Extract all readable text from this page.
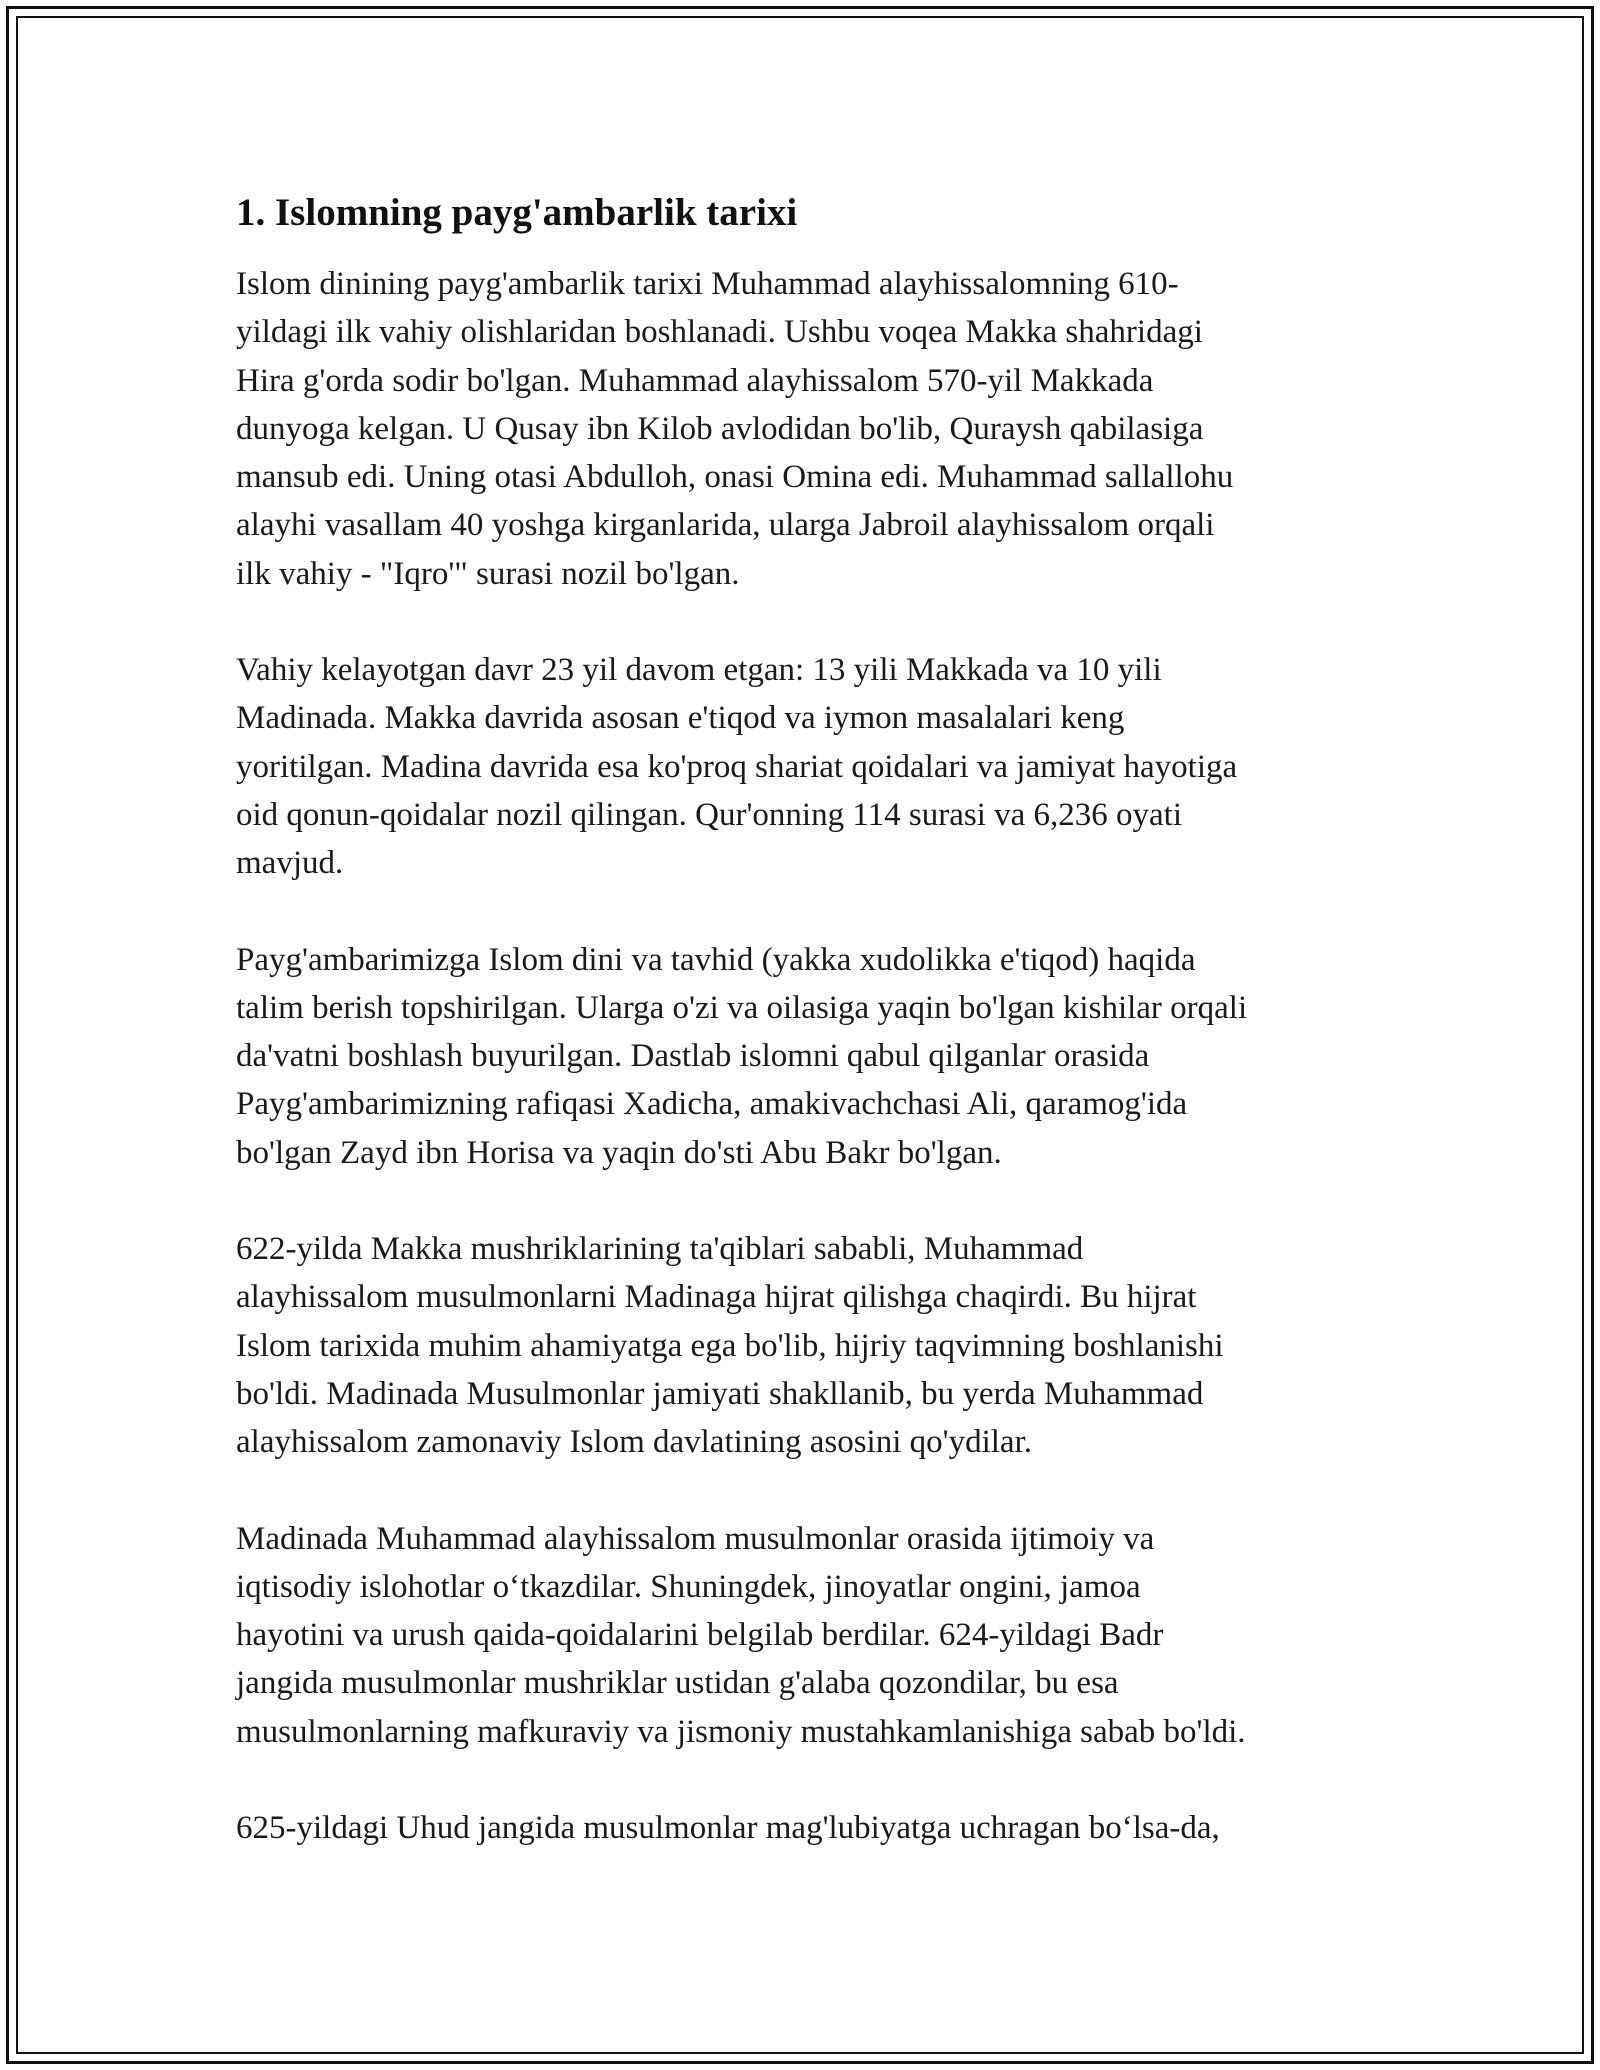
1. Islomning payg'ambarlik tarixi

Islom dinining payg'ambarlik tarixi Muhammad alayhissalomning 610-
yildagi ilk vahiy olishlaridan boshlanadi. Ushbu voqea Makka shahridagi
Hira g'orda sodir bo'lgan. Muhammad alayhissalom 570-yil Makkada
dunyoga kelgan. U Qusay ibn Kilob avlodidan bo'lib, Quraysh qabilasiga
mansub edi. Uning otasi Abdulloh, onasi Omina edi. Muhammad sallallohu
alayhi vasallam 40 yoshga kirganlarida, ularga Jabroil alayhissalom orqali
ilk vahiy - "Iqro'" surasi nozil bo'lgan.

Vahiy kelayotgan davr 23 yil davom etgan: 13 yili Makkada va 10 yili
Madinada. Makka davrida asosan e'tiqod va iymon masalalari keng
yoritilgan. Madina davrida esa ko'proq shariat qoidalari va jamiyat hayotiga
oid qonun-qoidalar nozil qilingan. Qur'onning 114 surasi va 6,236 oyati
mavjud.

Payg'ambarimizga Islom dini va tavhid (yakka xudolikka e'tiqod) haqida
talim berish topshirilgan. Ularga o'zi va oilasiga yaqin bo'lgan kishilar orqali
da'vatni boshlash buyurilgan. Dastlab islomni qabul qilganlar orasida
Payg'ambarimizning rafiqasi Xadicha, amakivachchasi Ali, qaramog'ida
bo'lgan Zayd ibn Horisa va yaqin do'sti Abu Bakr bo'lgan.

622-yilda Makka mushriklarining ta'qiblari sababli, Muhammad
alayhissalom musulmonlarni Madinaga hijrat qilishga chaqirdi. Bu hijrat
Islom tarixida muhim ahamiyatga ega bo'lib, hijriy taqvimning boshlanishi
bo'ldi. Madinada Musulmonlar jamiyati shakllanib, bu yerda Muhammad
alayhissalom zamonaviy Islom davlatining asosini qo'ydilar.

Madinada Muhammad alayhissalom musulmonlar orasida ijtimoiy va
iqtisodiy islohotlar o‘tkazdilar. Shuningdek, jinoyatlar ongini, jamoa
hayotini va urush qaida-qoidalarini belgilab berdilar. 624-yildagi Badr
jangida musulmonlar mushriklar ustidan g'alaba qozondilar, bu esa
musulmonlarning mafkuraviy va jismoniy mustahkamlanishiga sabab bo'ldi.

625-yildagi Uhud jangida musulmonlar mag'lubiyatga uchragan bo‘lsa-da,
